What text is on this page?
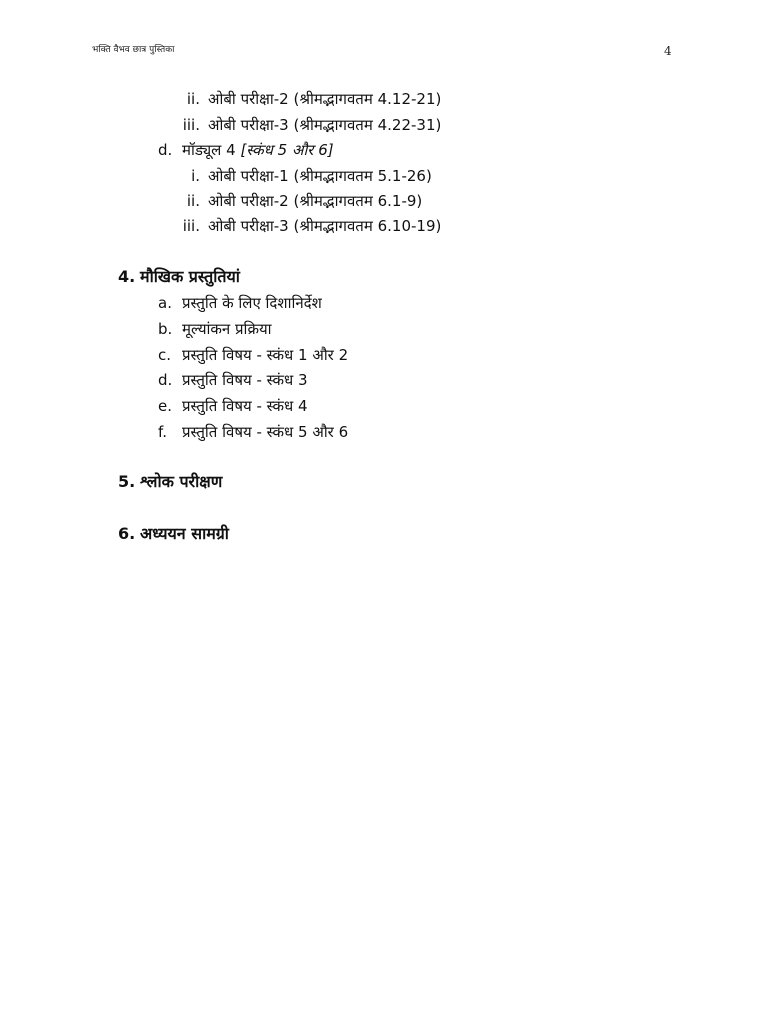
भक्ति वैभव छात्र पुस्तिका	4
ii. ओबी परीक्षा-2 (श्रीमद्भागवतम 4.12-21)
iii. ओबी परीक्षा-3 (श्रीमद्भागवतम 4.22-31)
d. मॉड्यूल 4 [स्कंध 5 और 6]
i. ओबी परीक्षा-1 (श्रीमद्भागवतम 5.1-26)
ii. ओबी परीक्षा-2 (श्रीमद्भागवतम 6.1-9)
iii. ओबी परीक्षा-3 (श्रीमद्भागवतम 6.10-19)
4. मौखिक प्रस्तुतियां
a. प्रस्तुति के लिए दिशानिर्देश
b. मूल्यांकन प्रक्रिया
c. प्रस्तुति विषय - स्कंध 1 और 2
d. प्रस्तुति विषय - स्कंध 3
e. प्रस्तुति विषय - स्कंध 4
f.	प्रस्तुति विषय - स्कंध 5 और 6
5. श्लोक परीक्षण
6. अध्ययन सामग्री
